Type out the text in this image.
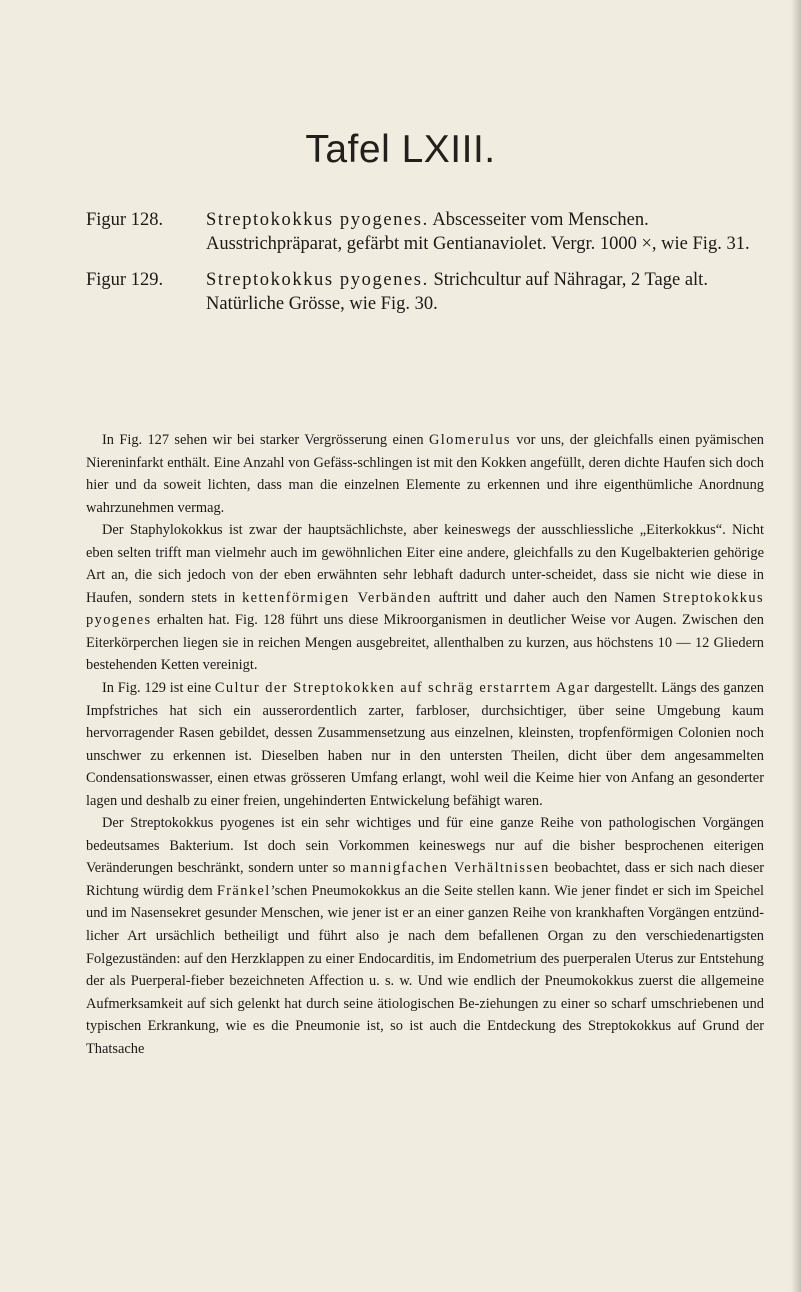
Tafel LXIII.
Figur 128.	Streptokokkus pyogenes. Abscesseiter vom Menschen. Ausstrichpräparat, gefärbt mit Gentianaviolet. Vergr. 1000 ×, wie Fig. 31.
Figur 129.	Streptokokkus pyogenes. Strichcultur auf Nähragar, 2 Tage alt. Natürliche Grösse, wie Fig. 30.

In Fig. 127 sehen wir bei starker Vergrösserung einen Glomerulus vor uns, der gleichfalls einen pyämischen Niereninfarkt enthält. Eine Anzahl von Gefäss-schlingen ist mit den Kokken angefüllt, deren dichte Haufen sich doch hier und da soweit lichten, dass man die einzelnen Elemente zu erkennen und ihre eigenthümliche Anordnung wahrzunehmen vermag.

Der Staphylokokkus ist zwar der hauptsächlichste, aber keineswegs der ausschliessliche „Eiterkokkus“. Nicht eben selten trifft man vielmehr auch im gewöhnlichen Eiter eine andere, gleichfalls zu den Kugelbakterien gehörige Art an, die sich jedoch von der eben erwähnten sehr lebhaft dadurch unter-scheidet, dass sie nicht wie diese in Haufen, sondern stets in kettenförmigen Verbänden auftritt und daher auch den Namen Streptokokkus pyogenes erhalten hat. Fig. 128 führt uns diese Mikroorganismen in deutlicher Weise vor Augen. Zwischen den Eiterkörperchen liegen sie in reichen Mengen ausgebreitet, allenthalben zu kurzen, aus höchstens 10 — 12 Gliedern bestehenden Ketten vereinigt.

In Fig. 129 ist eine Cultur der Streptokokken auf schräg erstarrtem Agar dargestellt. Längs des ganzen Impfstriches hat sich ein ausserordentlich zarter, farbloser, durchsichtiger, über seine Umgebung kaum hervorragender Rasen gebildet, dessen Zusammensetzung aus einzelnen, kleinsten, tropfenförmigen Colonien noch unschwer zu erkennen ist. Dieselben haben nur in den untersten Theilen, dicht über dem angesammelten Condensationswasser, einen etwas grösseren Umfang erlangt, wohl weil die Keime hier von Anfang an gesonderter lagen und deshalb zu einer freien, ungehinderten Entwickelung befähigt waren.

Der Streptokokkus pyogenes ist ein sehr wichtiges und für eine ganze Reihe von pathologischen Vorgängen bedeutsames Bakterium. Ist doch sein Vorkommen keineswegs nur auf die bisher besprochenen eiterigen Veränderungen beschränkt, sondern unter so mannigfachen Verhältnissen beobachtet, dass er sich nach dieser Richtung würdig dem Fränkel’schen Pneumokokkus an die Seite stellen kann. Wie jener findet er sich im Speichel und im Nasensekret gesunder Menschen, wie jener ist er an einer ganzen Reihe von krankhaften Vorgängen entzünd-licher Art ursächlich betheiligt und führt also je nach dem befallenen Organ zu den verschiedenartigsten Folgezuständen: auf den Herzklappen zu einer Endocarditis, im Endometrium des puerperalen Uterus zur Entstehung der als Puerperal-fieber bezeichneten Affection u. s. w. Und wie endlich der Pneumokokkus zuerst die allgemeine Aufmerksamkeit auf sich gelenkt hat durch seine ätiologischen Be-ziehungen zu einer so scharf umschriebenen und typischen Erkrankung, wie es die Pneumonie ist, so ist auch die Entdeckung des Streptokokkus auf Grund der Thatsache
